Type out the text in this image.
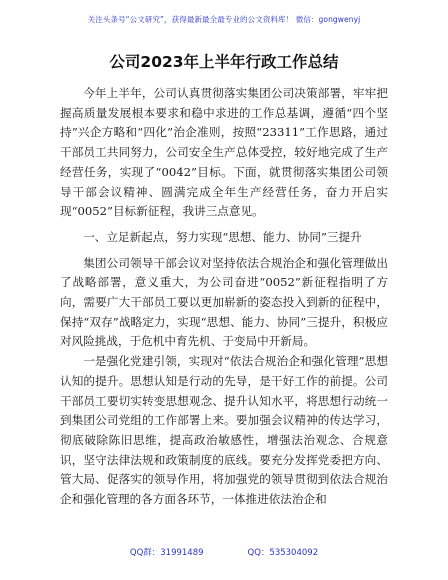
关注头条号“公文研究”，获得最新最全最专业的公文资料库！ 微信：gongwenyj
公司2023年上半年行政工作总结

今年上半年，公司认真贯彻落实集团公司决策部署，牢牢把握高质量发展根本要求和稳中求进的工作总基调，遵循“四个坚持”兴企方略和“四化”治企准则，按照“23311”工作思路，通过干部员工共同努力，公司安全生产总体受控，较好地完成了生产经营任务，实现了“0042”目标。下面，就贯彻落实集团公司领导干部会议精神、圆满完成全年生产经营任务，奋力开启实现“0052”目标新征程，我讲三点意见。

一、立足新起点，努力实现“思想、能力、协同”三提升

集团公司领导干部会议对坚持依法合规治企和强化管理做出了战略部署，意义重大，为公司奋进“0052”新征程指明了方向，需要广大干部员工要以更加崭新的姿态投入到新的征程中，保持“双存”战略定力，实现“思想、能力、协同”三提升，积极应对风险挑战，于危机中育先机、于变局中开新局。

一是强化党建引领，实现对“依法合规治企和强化管理”思想认知的提升。思想认知是行动的先导，是干好工作的前提。公司干部员工要切实转变思想观念、提升认知水平，将思想行动统一到集团公司党组的工作部署上来。要加强会议精神的传达学习，彻底破除陈旧思维，提高政治敏感性，增强法治观念、合规意识，坚守法律法规和政策制度的底线。要充分发挥党委把方向、管大局、促落实的领导作用，将加强党的领导贯彻到依法合规治企和强化管理的各方面各环节，一体推进依法治企和

QQ群：31991489	QQ：535304092
